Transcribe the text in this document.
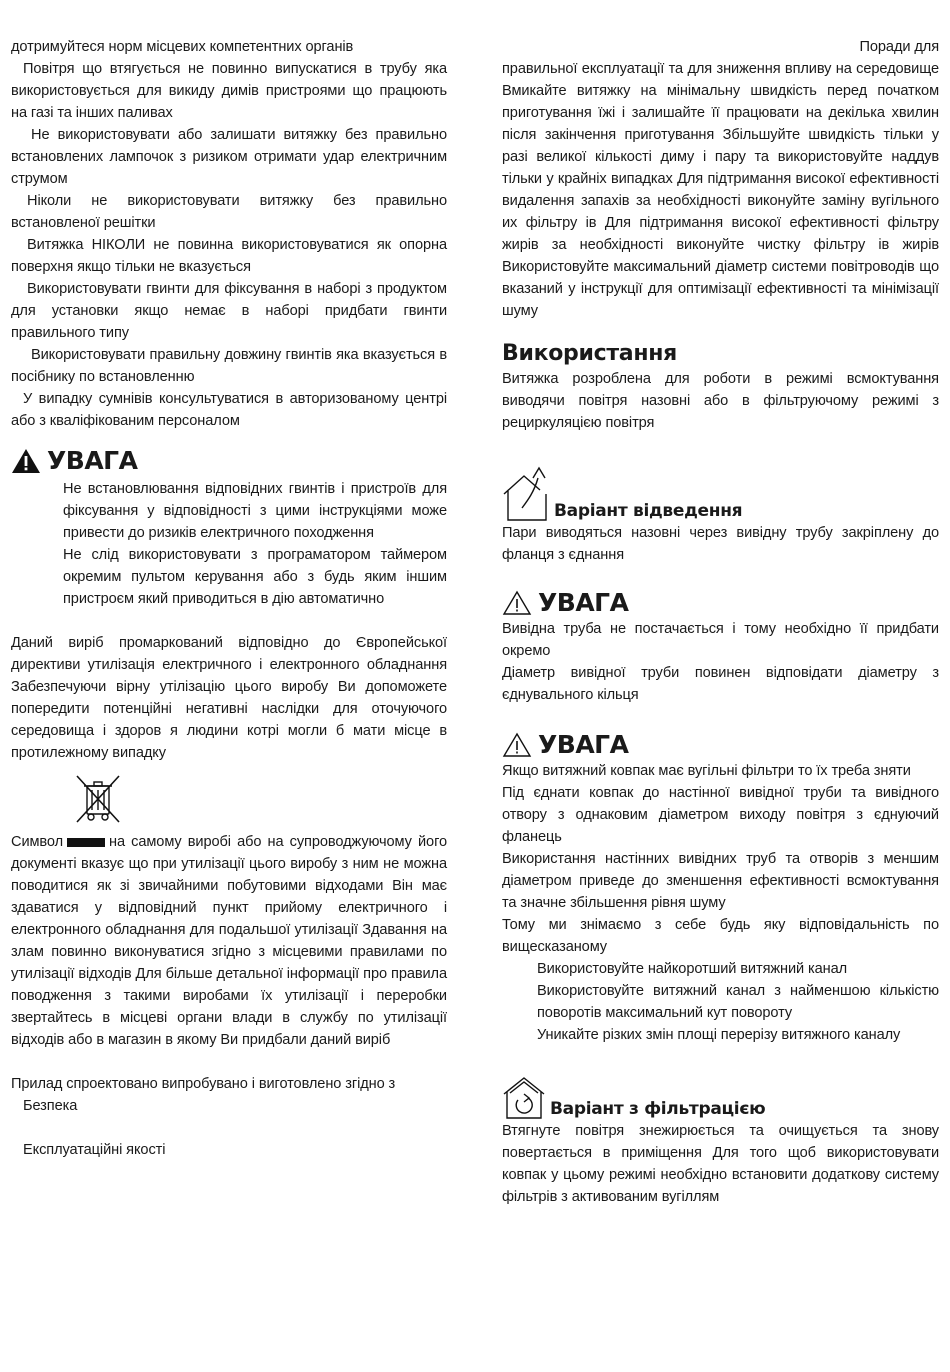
дотримуйтеся норм місцевих компетентних органів

Повітря що втягується не повинно випускатися в трубу яка використовується для викиду димів пристроями що працюють на газі та інших паливах

Не використовувати або залишати витяжку без правильно встановлених лампочок з ризиком отримати удар електричним струмом

Ніколи не використовувати витяжку без правильно встановленої решітки

Витяжка НІКОЛИ не повинна використовуватися як опорна поверхня якщо тільки не вказується

Використовувати гвинти для фіксування в наборі з продуктом для установки якщо немає в наборі придбати гвинти правильного типу

Використовувати правильну довжину гвинтів яка вказується в посібнику по встановленню

У випадку сумнівів консультуватися в авторизованому центрі або з кваліфікованим персоналом

УВАГА

Не встановлювання відповідних гвинтів і пристроїв для фіксування у відповідності з цими інструкціями може привести до ризиків електричного походження

Не слід використовувати з програматором таймером окремим пультом керування або з будь яким іншим пристроєм який приводиться в дію автоматично

Даний виріб промаркований відповідно до Європейської директиви утилізація електричного і електронного обладнання Забезпечуючи вірну утілізацію цього виробу Ви допоможете попередити потенційні негативні наслідки для оточуючого середовища і здоров я людини котрі могли б мати місце в протилежному випадку

Символ	на самому виробі або на супроводжуючому його документі вказує що при утилізації цього виробу з ним не можна поводитися як зі звичайними побутовими відходами Він має здаватися у відповідний пункт прийому електричного і електронного обладнання для подальшої утилізації Здавання на злам повинно виконуватися згідно з місцевими правилами по утилізації відходів Для більше детальної інформації про правила поводження з такими виробами їх утилізації і переробки звертайтесь в місцеві органи влади в службу по утилізації відходів або в магазин в якому Ви придбали даний виріб

Прилад спроектовано випробувано і виготовлено згідно з

Безпека

Експлуатаційні якості

Поради для

правильної експлуатації та для зниження впливу на середовище Вмикайте витяжку на мінімальну швидкість перед початком приготування їжі і залишайте її працювати на декілька хвилин після закінчення приготування Збільшуйте швидкість тільки у разі великої кількості диму і пару та використовуйте наддув тільки у крайніх випадках Для підтримання високої ефективності видалення запахів за необхідності виконуйте заміну вугільного их фільтру ів Для підтримання високої ефективності фільтру жирів за необхідності виконуйте чистку фільтру ів жирів Використовуйте максимальний діаметр системи повітроводів що вказаний у інструкції для оптимізації ефективності та мінімізації шуму

Використання

Витяжка розроблена для роботи в режимі всмоктування виводячи повітря назовні або в фільтруючому режимі з рециркуляцією повітря

Варіант відведення

Пари виводяться назовні через вивідну трубу закріплену до фланця з єднання

УВАГА

Вивідна труба не постачається і тому необхідно її придбати окремо

Діаметр вивідної труби повинен відповідати діаметру з єднувального кільця

УВАГА

Якщо витяжний ковпак має вугільні фільтри то їх треба зняти

Під єднати ковпак до настінної вивідної труби та вивідного отвору з однаковим діаметром виходу повітря з єднуючий фланець

Використання настінних вивідних труб та отворів з меншим діаметром приведе до зменшення ефективності всмоктування та значне збільшення рівня шуму

Тому ми знімаємо з себе будь яку відповідальність по вищесказаному

Використовуйте найкоротший витяжний канал

Використовуйте витяжний канал з найменшою кількістю поворотів максимальний кут повороту

Уникайте різких змін площі перерізу витяжного каналу

Варіант з фільтрацією

Втягнуте повітря знежирюється та очищується та знову повертається в приміщення Для того щоб використовувати ковпак у цьому режимі необхідно встановити додаткову систему фільтрів з активованим вугіллям
